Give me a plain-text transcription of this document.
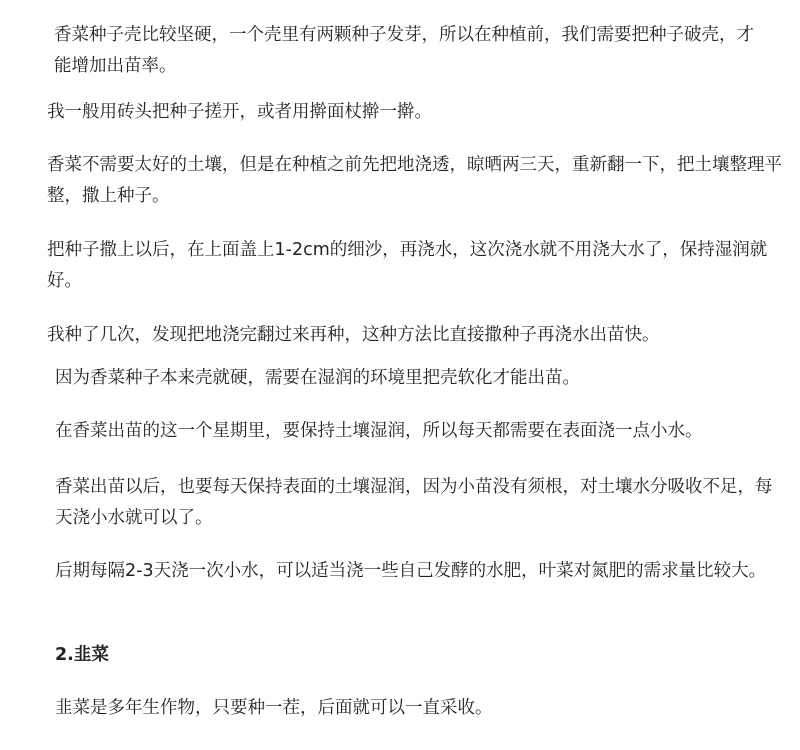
香菜种子壳比较坚硬，一个壳里有两颗种子发芽，所以在种植前，我们需要把种子破壳，才能增加出苗率。

我一般用砖头把种子搓开，或者用擀面杖擀一擀。

香菜不需要太好的土壤，但是在种植之前先把地浇透，晾晒两三天，重新翻一下，把土壤整理平整，撒上种子。

把种子撒上以后，在上面盖上1-2cm的细沙，再浇水，这次浇水就不用浇大水了，保持湿润就好。

我种了几次，发现把地浇完翻过来再种，这种方法比直接撒种子再浇水出苗快。

因为香菜种子本来壳就硬，需要在湿润的环境里把壳软化才能出苗。

在香菜出苗的这一个星期里，要保持土壤湿润，所以每天都需要在表面浇一点小水。

香菜出苗以后，也要每天保持表面的土壤湿润，因为小苗没有须根，对土壤水分吸收不足，每天浇小水就可以了。

后期每隔2-3天浇一次小水，可以适当浇一些自己发酵的水肥，叶菜对氮肥的需求量比较大。

2.韭菜

韭菜是多年生作物，只要种一茬，后面就可以一直采收。
